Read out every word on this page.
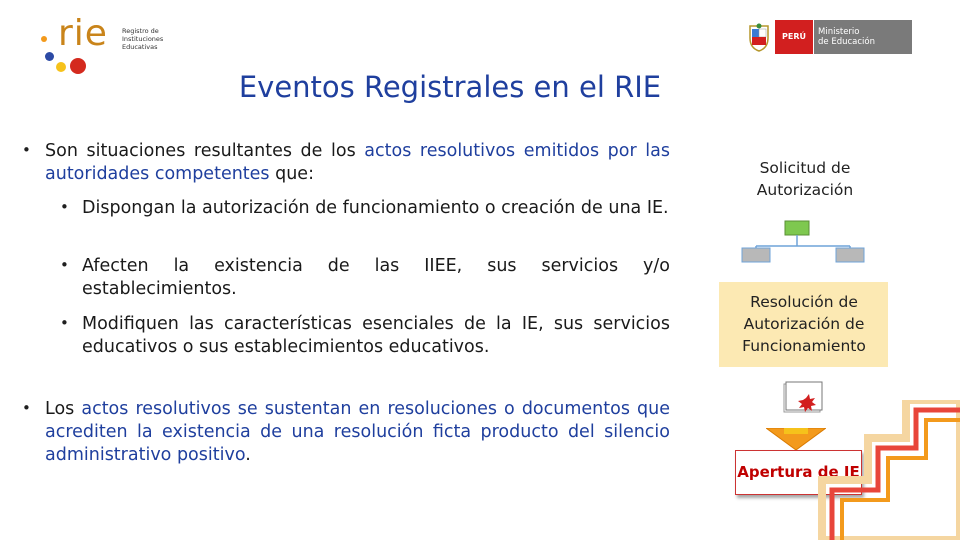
rie Registro de
Instituciones
Educativas
PERÚ	Ministerio
de Educación
Eventos Registrales en el RIE
• Son situaciones resultantes de los actos resolutivos emitidos por las autoridades competentes que:
• Dispongan la autorización de funcionamiento o creación de una IE.
• Afecten la existencia de las IIEE, sus servicios y/o establecimientos.
• Modifiquen las características esenciales de la IE, sus servicios educativos o sus establecimientos educativos.
• Los actos resolutivos se sustentan en resoluciones o documentos que acrediten la existencia de una resolución ficta producto del silencio administrativo positivo.
Solicitud de Autorización
Resolución de Autorización de Funcionamiento
Apertura de IE
